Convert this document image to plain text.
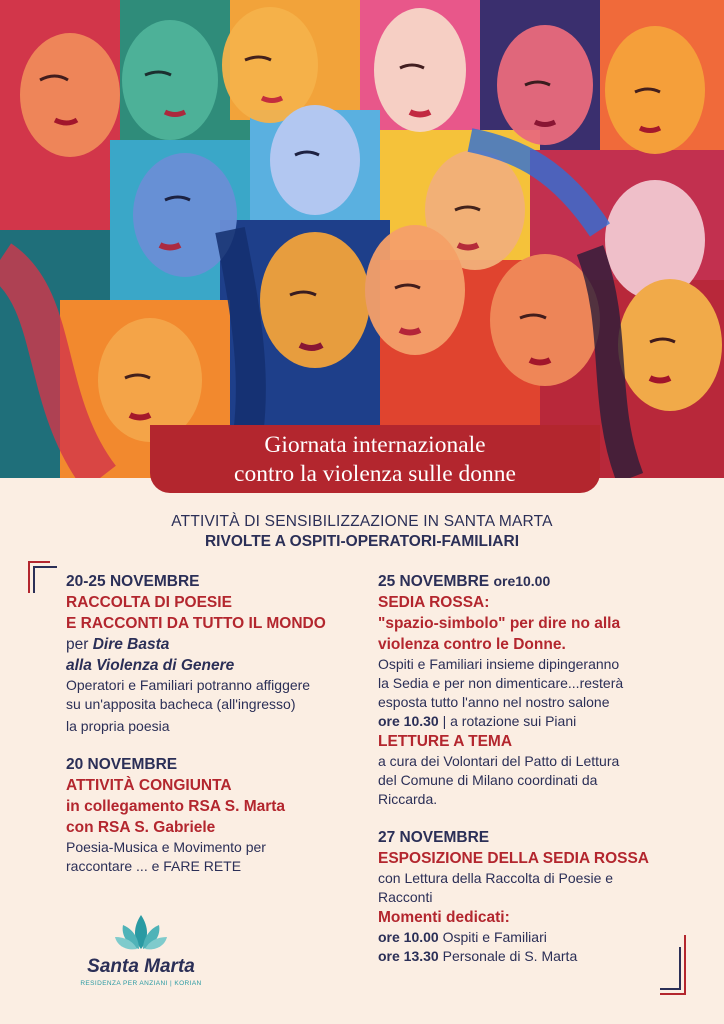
Giornata internazionale
contro la violenza sulle donne
ATTIVITÀ DI SENSIBILIZZAZIONE IN SANTA MARTA
RIVOLTE A OSPITI-OPERATORI-FAMILIARI
20-25 NOVEMBRE
RACCOLTA DI POESIE
E RACCONTI DA TUTTO IL MONDO
per Dire Basta
alla Violenza di Genere
Operatori e Familiari potranno affiggere
su un'apposita bacheca (all'ingresso)
la propria poesia
20 NOVEMBRE
ATTIVITÀ CONGIUNTA
in collegamento RSA S. Marta
con RSA S. Gabriele
Poesia-Musica e Movimento per
raccontare ... e FARE RETE
25 NOVEMBRE ore10.00
SEDIA ROSSA:
"spazio-simbolo" per dire no alla
violenza contro le Donne.
Ospiti e Familiari insieme dipingeranno
la Sedia e per non dimenticare...resterà
esposta tutto l'anno nel nostro salone
ore 10.30 | a rotazione sui Piani
LETTURE A TEMA
a cura dei Volontari del Patto di Lettura
del Comune di Milano coordinati da
Riccarda.
27 NOVEMBRE
ESPOSIZIONE DELLA SEDIA ROSSA
con Lettura della Raccolta di Poesie e
Racconti
Momenti dedicati:
ore 10.00 Ospiti e Familiari
ore 13.30 Personale di S. Marta
Santa Marta
RESIDENZA PER ANZIANI | KORIAN
